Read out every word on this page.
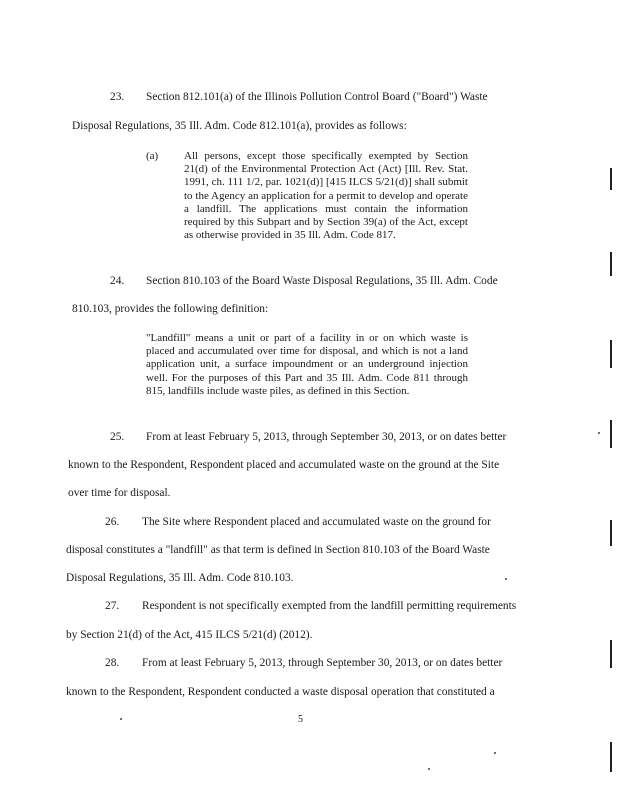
23. Section 812.101(a) of the Illinois Pollution Control Board ("Board") Waste
Disposal Regulations, 35 Ill. Adm. Code 812.101(a), provides as follows:
(a) All persons, except those specifically exempted by Section 21(d) of the Environmental Protection Act (Act) [Ill. Rev. Stat. 1991, ch. 111 1/2, par. 1021(d)] [415 ILCS 5/21(d)] shall submit to the Agency an application for a permit to develop and operate a landfill. The applications must contain the information required by this Subpart and by Section 39(a) of the Act, except as otherwise provided in 35 Ill. Adm. Code 817.

24. Section 810.103 of the Board Waste Disposal Regulations, 35 Ill. Adm. Code
810.103, provides the following definition:

"Landfill" means a unit or part of a facility in or on which waste is placed and accumulated over time for disposal, and which is not a land application unit, a surface impoundment or an underground injection well. For the purposes of this Part and 35 Ill. Adm. Code 811 through 815, landfills include waste piles, as defined in this Section.

25. From at least February 5, 2013, through September 30, 2013, or on dates better
known to the Respondent, Respondent placed and accumulated waste on the ground at the Site
over time for disposal.
26. The Site where Respondent placed and accumulated waste on the ground for
disposal constitutes a "landfill" as that term is defined in Section 810.103 of the Board Waste
Disposal Regulations, 35 Ill. Adm. Code 810.103.
27. Respondent is not specifically exempted from the landfill permitting requirements
by Section 21(d) of the Act, 415 ILCS 5/21(d) (2012).
28. From at least February 5, 2013, through September 30, 2013, or on dates better
known to the Respondent, Respondent conducted a waste disposal operation that constituted a
5
